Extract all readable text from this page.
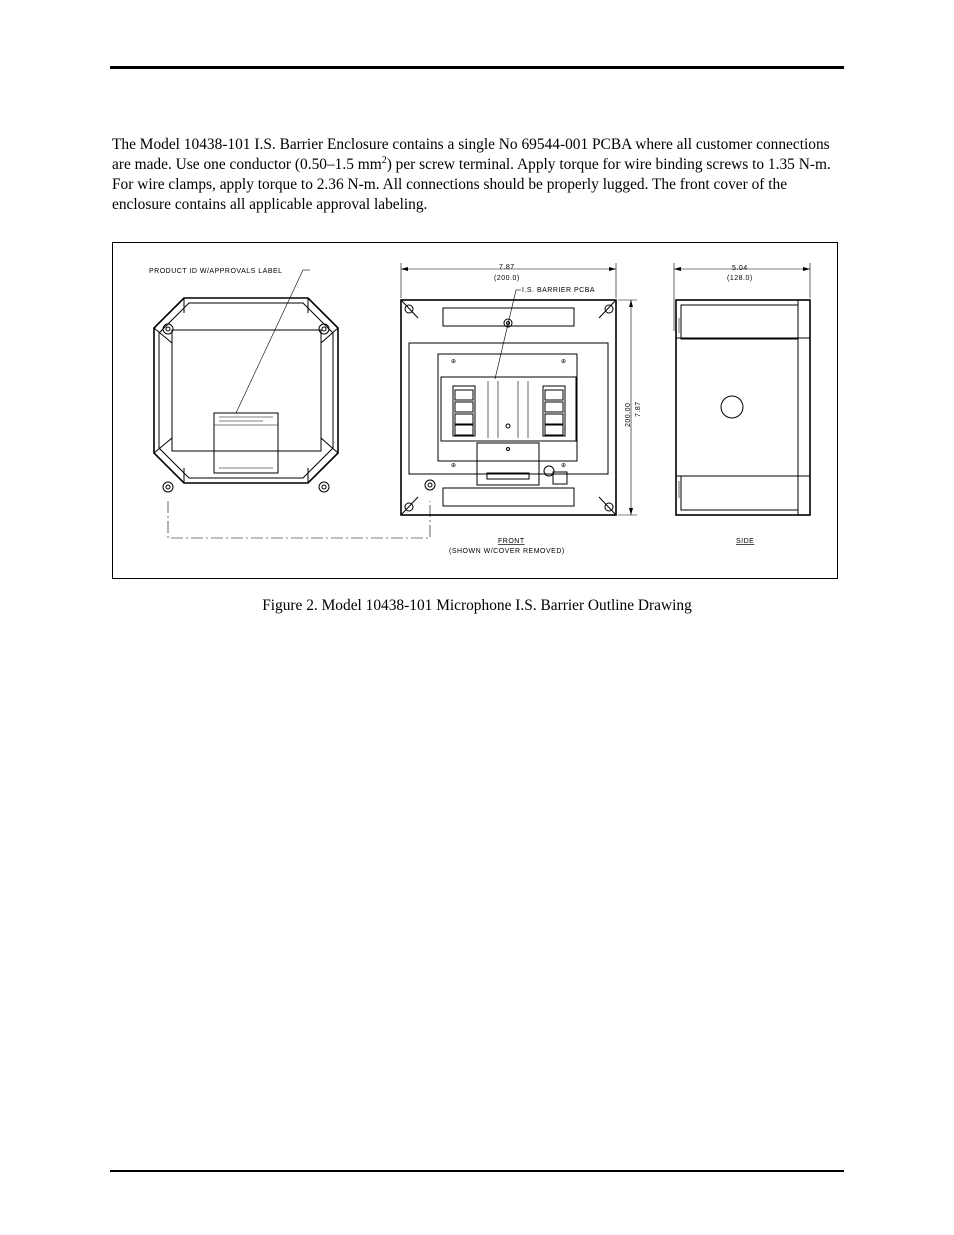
The Model 10438-101 I.S. Barrier Enclosure contains a single No 69544-001 PCBA where all customer connections are made. Use one conductor (0.50–1.5 $mm^2$) per screw terminal. Apply torque for wire binding screws to 1.35 N-m. For wire clamps, apply torque to 2.36 N-m. All connections should be properly lugged. The front cover of the enclosure contains all applicable approval labeling.

PRODUCT ID W/APPROVALS LABEL
⊕	⊕
⊕	⊕
I.S. BARRIER PCBA
7.87
(200.0)
200.00 7.87
FRONT
(SHOWN W/COVER REMOVED)
5.04
(128.0)
SIDE
Figure 2. Model 10438-101 Microphone I.S. Barrier Outline Drawing
